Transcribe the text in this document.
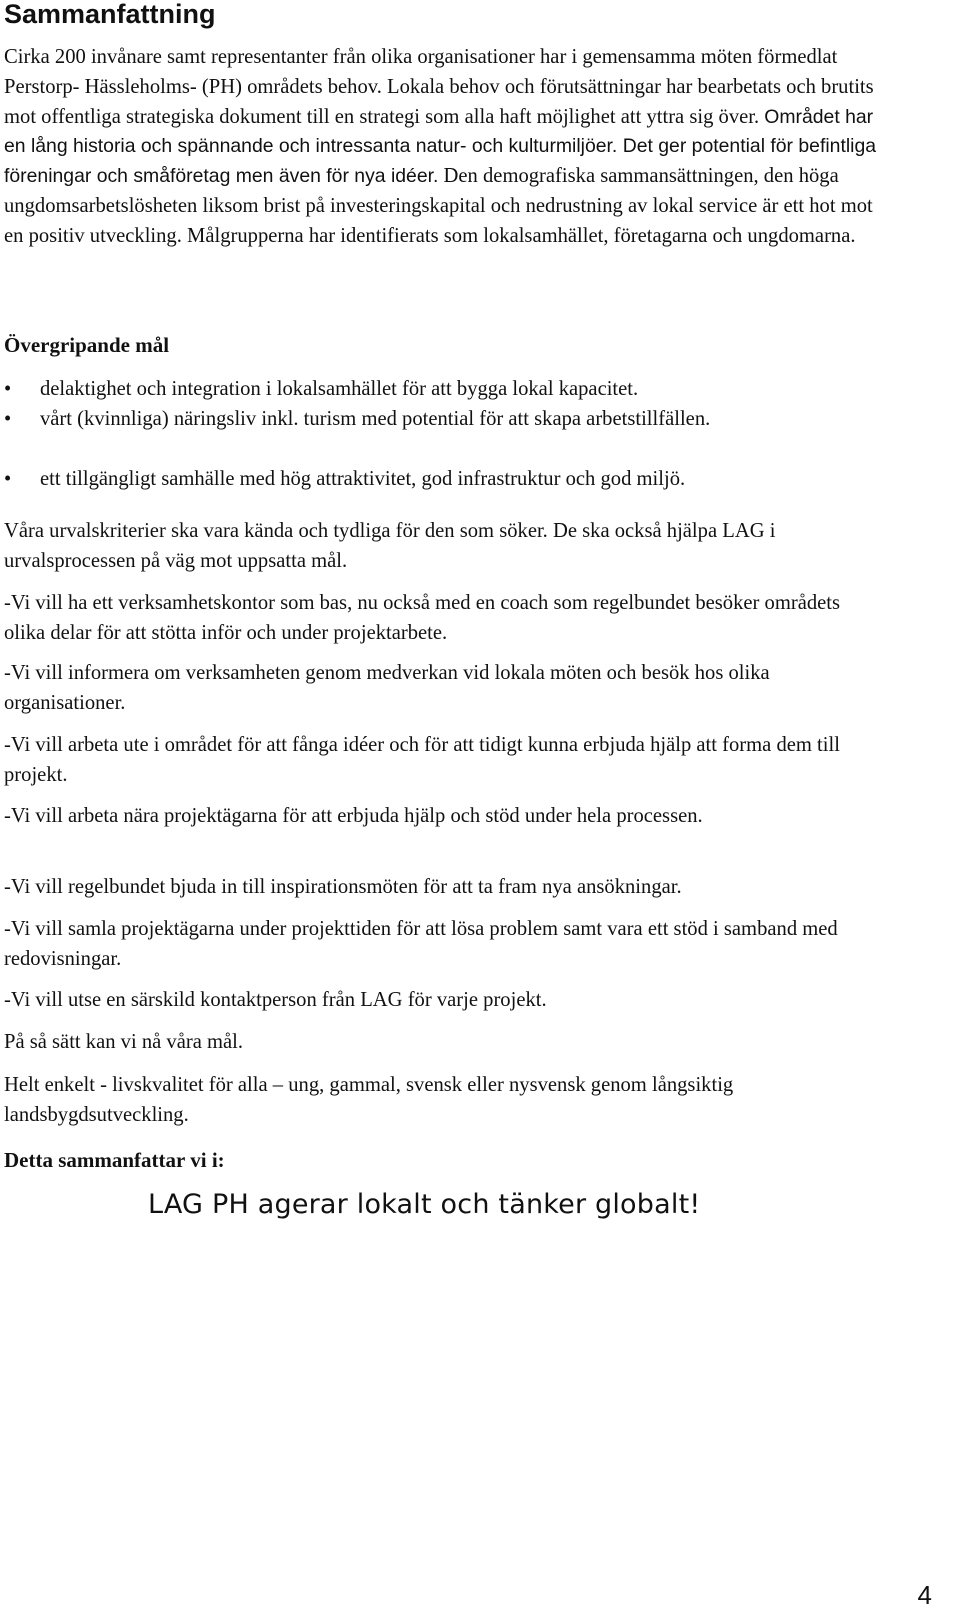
Sammanfattning

Cirka 200 invånare samt representanter från olika organisationer har i gemensamma möten förmedlat Perstorp- Hässleholms- (PH) områdets behov. Lokala behov och förutsättningar har bearbetats och brutits mot offentliga strategiska dokument till en strategi som alla haft möjlighet att yttra sig över. Området har en lång historia och spännande och intressanta natur- och kulturmiljöer. Det ger potential för befintliga föreningar och småföretag men även för nya idéer. Den demografiska sammansättningen, den höga ungdomsarbetslösheten liksom brist på investeringskapital och nedrustning av lokal service är ett hot mot en positiv utveckling. Målgrupperna har identifierats som lokalsamhället, företagarna och ungdomarna.

Övergripande mål
•	delaktighet och integration i lokalsamhället för att bygga lokal kapacitet.
•	vårt (kvinnliga) näringsliv inkl. turism med potential för att skapa arbetstillfällen.
•	ett tillgängligt samhälle med hög attraktivitet, god infrastruktur och god miljö.

Våra urvalskriterier ska vara kända och tydliga för den som söker. De ska också hjälpa LAG i urvalsprocessen på väg mot uppsatta mål.

-Vi vill ha ett verksamhetskontor som bas, nu också med en coach som regelbundet besöker områdets olika delar för att stötta inför och under projektarbete.

-Vi vill informera om verksamheten genom medverkan vid lokala möten och besök hos olika organisationer.

-Vi vill arbeta ute i området för att fånga idéer och för att tidigt kunna erbjuda hjälp att forma dem till projekt.

-Vi vill arbeta nära projektägarna för att erbjuda hjälp och stöd under hela processen.

-Vi vill regelbundet bjuda in till inspirationsmöten för att ta fram nya ansökningar.

-Vi vill samla projektägarna under projekttiden för att lösa problem samt vara ett stöd i samband med redovisningar.

-Vi vill utse en särskild kontaktperson från LAG för varje projekt.

På så sätt kan vi nå våra mål.

Helt enkelt - livskvalitet för alla – ung, gammal, svensk eller nysvensk genom långsiktig landsbygdsutveckling.

Detta sammanfattar vi i:

LAG PH agerar lokalt och tänker globalt!

4
